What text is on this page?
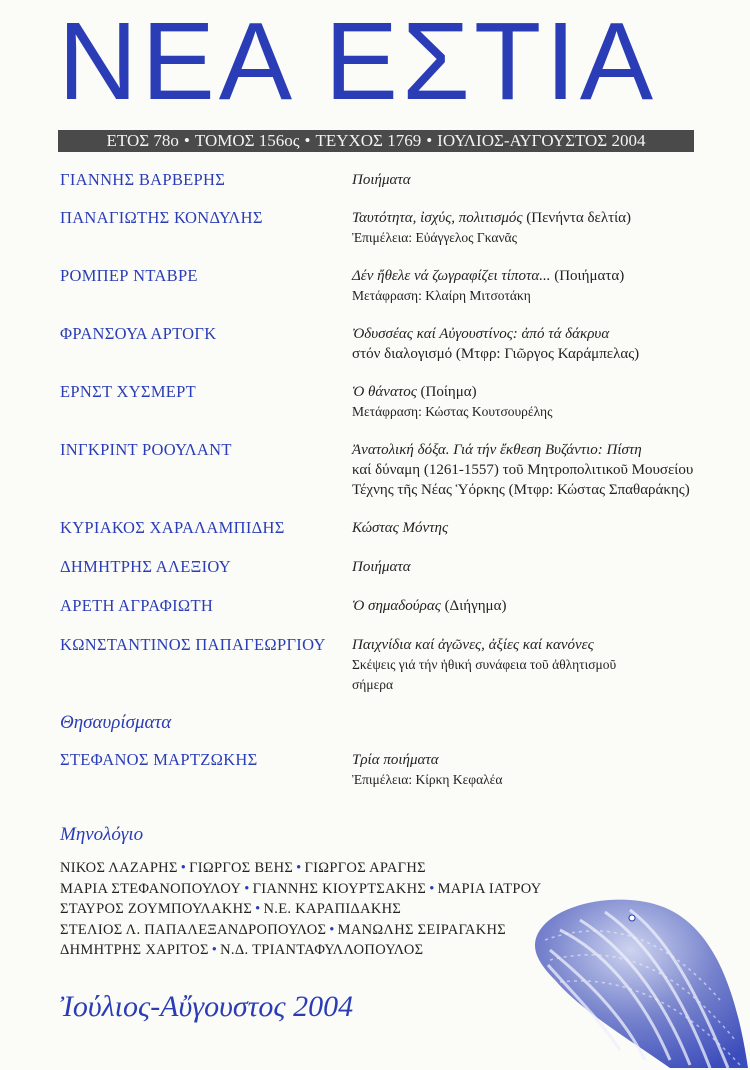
ΝΕΑ ΕΣΤΙΑ
ΕΤΟΣ 78ο • ΤΟΜΟΣ 156ος • ΤΕΥΧΟΣ 1769 • ΙΟΥΛΙΟΣ-ΑΥΓΟΥΣΤΟΣ 2004
ΓΙΑΝΝΗΣ ΒΑΡΒΕΡΗΣ	Ποιήματα
ΠΑΝΑΓΙΩΤΗΣ ΚΟΝΔΥΛΗΣ	Ταυτότητα, ἰσχύς, πολιτισμός (Πενήντα δελτία)
Ἐπιμέλεια: Εὐάγγελος Γκανᾶς
ΡΟΜΠΕΡ ΝΤΑΒΡΕ	Δέν ἤθελε νά ζωγραφίζει τίποτα... (Ποιήματα)
Μετάφραση: Κλαίρη Μιτσοτάκη
ΦΡΑΝΣΟΥΑ ΑΡΤΟΓΚ	Ὀδυσσέας καί Αὐγουστίνος: ἀπό τά δάκρυα
στόν διαλογισμό (Μτφρ: Γιῶργος Καράμπελας)
ΕΡΝΣΤ ΧΥΣΜΕΡΤ	Ὁ θάνατος (Ποίημα)
Μετάφραση: Κώστας Κουτσουρέλης
ΙΝΓΚΡΙΝΤ ΡΟΟΥΛΑΝΤ	Ἀνατολική δόξα. Γιά τήν ἔκθεση Βυζάντιο: Πίστη
καί δύναμη (1261-1557) τοῦ Μητροπολιτικοῦ Μουσείου
Τέχνης τῆς Νέας Ὑόρκης (Μτφρ: Κώστας Σπαθαράκης)
ΚΥΡΙΑΚΟΣ ΧΑΡΑΛΑΜΠΙΔΗΣ	Κώστας Μόντης
ΔΗΜΗΤΡΗΣ ΑΛΕΞΙΟΥ	Ποιήματα
ΑΡΕΤΗ ΑΓΡΑΦΙΩΤΗ	Ὁ σημαδούρας (Διήγημα)
ΚΩΝΣΤΑΝΤΙΝΟΣ ΠΑΠΑΓΕΩΡΓΙΟΥ Παιχνίδια καί ἀγῶνες, ἀξίες καί κανόνες
Σκέψεις γιά τήν ἠθική συνάφεια τοῦ ἀθλητισμοῦ
σήμερα
Θησαυρίσματα
ΣΤΕΦΑΝΟΣ ΜΑΡΤΖΩΚΗΣ	Τρία ποιήματα
Ἐπιμέλεια: Κίρκη Κεφαλέα
Μηνολόγιο
ΝΙΚΟΣ ΛΑΖΑΡΗΣ • ΓΙΩΡΓΟΣ ΒΕΗΣ • ΓΙΩΡΓΟΣ ΑΡΑΓΗΣ
ΜΑΡΙΑ ΣΤΕΦΑΝΟΠΟΥΛΟΥ • ΓΙΑΝΝΗΣ ΚΙΟΥΡΤΣΑΚΗΣ • ΜΑΡΙΑ ΙΑΤΡΟΥ
ΣΤΑΥΡΟΣ ΖΟΥΜΠΟΥΛΑΚΗΣ • Ν.Ε. ΚΑΡΑΠΙΔΑΚΗΣ
ΣΤΕΛΙΟΣ Λ. ΠΑΠΑΛΕΞΑΝΔΡΟΠΟΥΛΟΣ • ΜΑΝΩΛΗΣ ΣΕΙΡΑΓΑΚΗΣ
ΔΗΜΗΤΡΗΣ ΧΑΡΙΤΟΣ • Ν.Δ. ΤΡΙΑΝΤΑΦΥΛΛΟΠΟΥΛΟΣ
Ἰούλιος-Αὔγουστος 2004
